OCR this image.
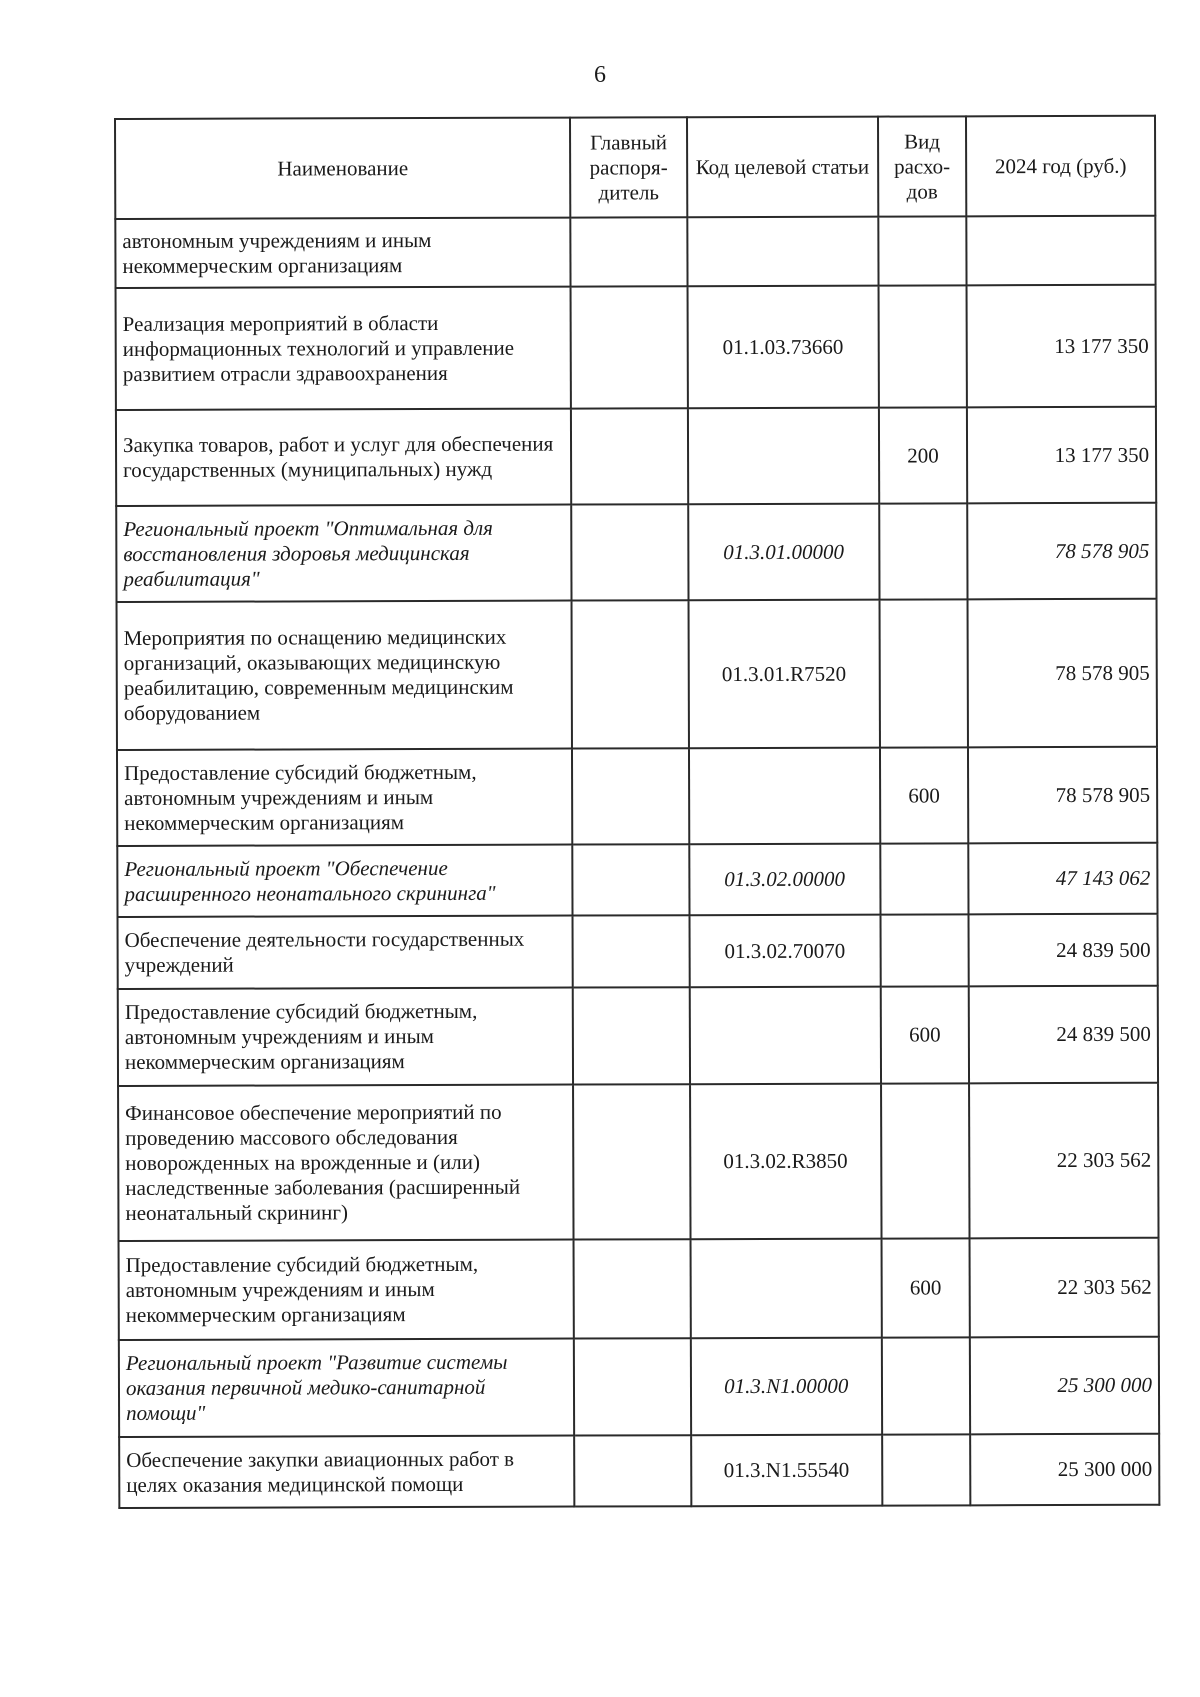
6
Наименование	Главный распоря-дитель	Код целевой статьи	Вид расхо-дов	2024 год (руб.)
автономным учреждениям и иным некоммерческим организациям				
Реализация мероприятий в области информационных технологий и управление развитием отрасли здравоохранения		01.1.03.73660		13 177 350
Закупка товаров, работ и услуг для обеспечения государственных (муниципальных) нужд			200	13 177 350
Региональный проект "Оптимальная для восстановления здоровья медицинская реабилитация"		01.3.01.00000		78 578 905
Мероприятия по оснащению медицинских организаций, оказывающих медицинскую реабилитацию, современным медицинским оборудованием		01.3.01.R7520		78 578 905
Предоставление субсидий бюджетным, автономным учреждениям и иным некоммерческим организациям			600	78 578 905
Региональный проект "Обеспечение расширенного неонатального скрининга"		01.3.02.00000		47 143 062
Обеспечение деятельности государственных учреждений		01.3.02.70070		24 839 500
Предоставление субсидий бюджетным, автономным учреждениям и иным некоммерческим организациям			600	24 839 500
Финансовое обеспечение мероприятий по проведению массового обследования новорожденных на врожденные и (или) наследственные заболевания (расширенный неонатальный скрининг)		01.3.02.R3850		22 303 562
Предоставление субсидий бюджетным, автономным учреждениям и иным некоммерческим организациям			600	22 303 562
Региональный проект "Развитие системы оказания первичной медико-санитарной помощи"		01.3.N1.00000		25 300 000
Обеспечение закупки авиационных работ в целях оказания медицинской помощи		01.3.N1.55540		25 300 000
